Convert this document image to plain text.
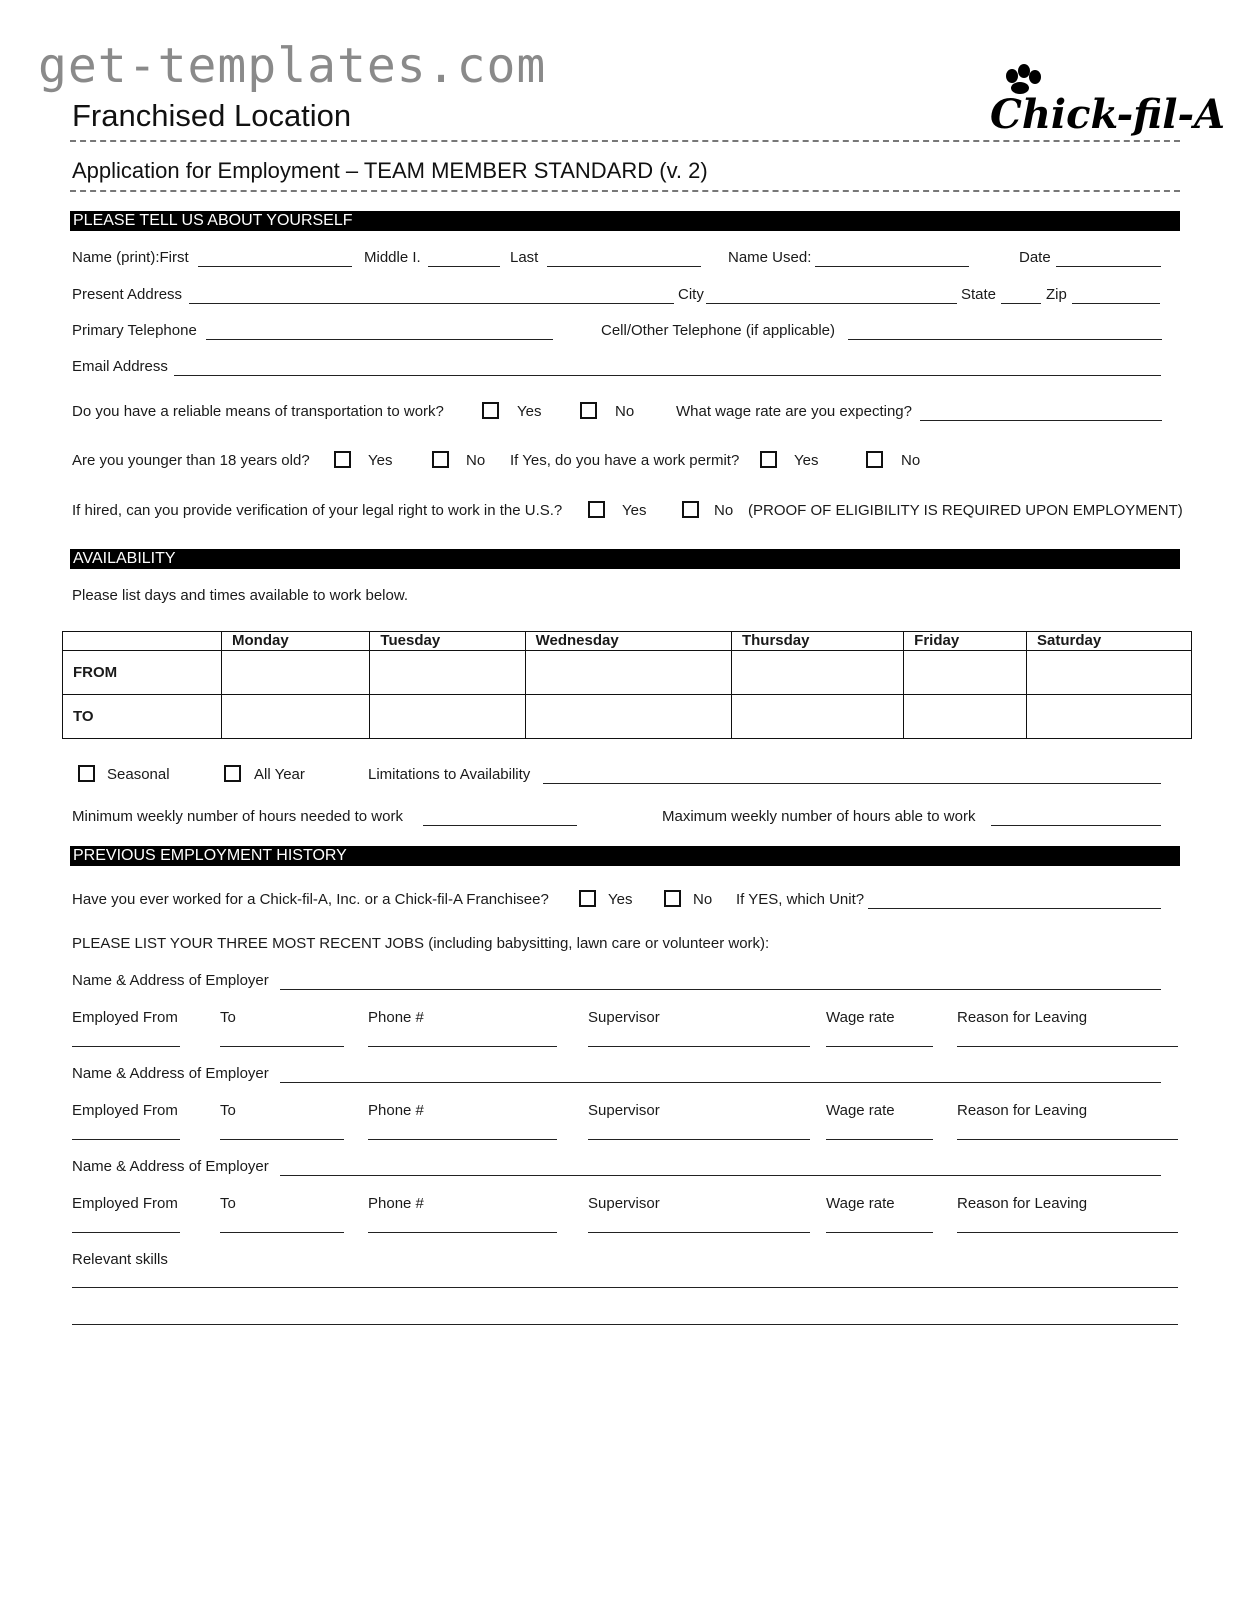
get-templates.com
Franchised Location	Chick-fil-A
Application for Employment – TEAM MEMBER STANDARD (v. 2)
PLEASE TELL US ABOUT YOURSELF
Name (print):First	Middle I.	Last	Name Used:	Date
Present Address	City	State	Zip
Primary Telephone	Cell/Other Telephone (if applicable)
Email Address
Do you have a reliable means of transportation to work?	Yes	No	What wage rate are you expecting?
Are you younger than 18 years old?	Yes	No If Yes, do you have a work permit?	Yes	No
If hired, can you provide verification of your legal right to work in the U.S.?	Yes	No (PROOF OF ELIGIBILITY IS REQUIRED UPON EMPLOYMENT)
AVAILABILITY
Please list days and times available to work below.
	Monday	Tuesday	Wednesday	Thursday	Friday	Saturday
FROM						
TO						
Seasonal	All Year	Limitations to Availability
Minimum weekly number of hours needed to work	Maximum weekly number of hours able to work
PREVIOUS EMPLOYMENT HISTORY
Have you ever worked for a Chick-fil-A, Inc. or a Chick-fil-A Franchisee?	Yes	No If YES, which Unit?
PLEASE LIST YOUR THREE MOST RECENT JOBS (including babysitting, lawn care or volunteer work):
Name & Address of Employer
Employed From	To	Phone #	Supervisor	Wage rate	Reason for Leaving
Name & Address of Employer
Employed From	To	Phone #	Supervisor	Wage rate	Reason for Leaving
Name & Address of Employer
Employed From	To	Phone #	Supervisor	Wage rate	Reason for Leaving
Relevant skills
